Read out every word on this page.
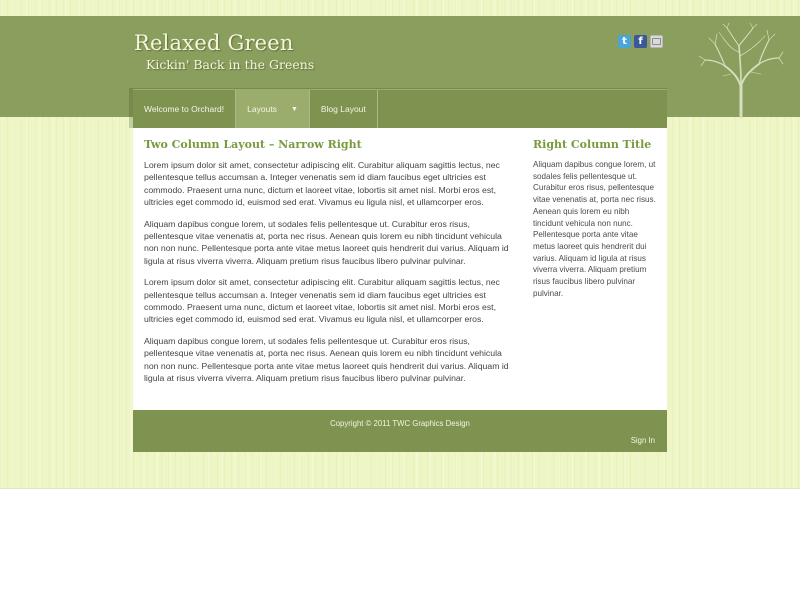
Relaxed Green
Kickin' Back in the Greens
t	f
Welcome to Orchard!	Layouts ▼	Blog Layout
Two Column Layout – Narrow Right

Lorem ipsum dolor sit amet, consectetur adipiscing elit. Curabitur aliquam sagittis lectus, nec pellentesque tellus accumsan a. Integer venenatis sem id diam faucibus eget ultricies est commodo. Praesent urna nunc, dictum et laoreet vitae, lobortis sit amet nisl. Morbi eros est, ultricies eget commodo id, euismod sed erat. Vivamus eu ligula nisl, et ullamcorper eros.

Aliquam dapibus congue lorem, ut sodales felis pellentesque ut. Curabitur eros risus, pellentesque vitae venenatis at, porta nec risus. Aenean quis lorem eu nibh tincidunt vehicula non non nunc. Pellentesque porta ante vitae metus laoreet quis hendrerit dui varius. Aliquam id ligula at risus viverra viverra. Aliquam pretium risus faucibus libero pulvinar pulvinar.

Lorem ipsum dolor sit amet, consectetur adipiscing elit. Curabitur aliquam sagittis lectus, nec pellentesque tellus accumsan a. Integer venenatis sem id diam faucibus eget ultricies est commodo. Praesent urna nunc, dictum et laoreet vitae, lobortis sit amet nisl. Morbi eros est, ultricies eget commodo id, euismod sed erat. Vivamus eu ligula nisl, et ullamcorper eros.

Aliquam dapibus congue lorem, ut sodales felis pellentesque ut. Curabitur eros risus, pellentesque vitae venenatis at, porta nec risus. Aenean quis lorem eu nibh tincidunt vehicula non non nunc. Pellentesque porta ante vitae metus laoreet quis hendrerit dui varius. Aliquam id ligula at risus viverra viverra. Aliquam pretium risus faucibus libero pulvinar pulvinar.

Right Column Title

Aliquam dapibus congue lorem, ut sodales felis pellentesque ut. Curabitur eros risus, pellentesque vitae venenatis at, porta nec risus. Aenean quis lorem eu nibh tincidunt vehicula non nunc. Pellentesque porta ante vitae metus laoreet quis hendrerit dui varius. Aliquam id ligula at risus viverra viverra. Aliquam pretium risus faucibus libero pulvinar pulvinar.

Copyright © 2011 TWC Graphics Design
Sign In
